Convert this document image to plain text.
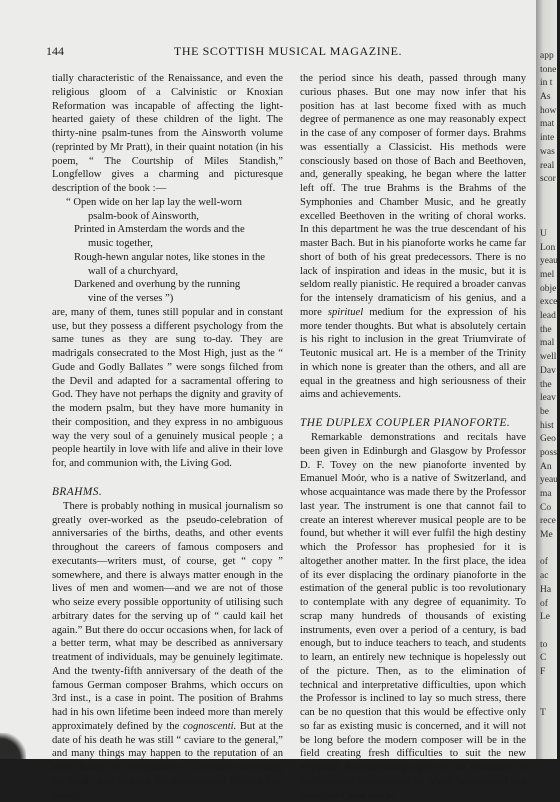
144	THE SCOTTISH MUSICAL MAGAZINE.

tially characteristic of the Renaissance, and even the religious gloom of a Calvinistic or Knoxian Reformation was incapable of affecting the light-hearted gaiety of these children of the light. The thirty-nine psalm-tunes from the Ainsworth volume (reprinted by Mr Pratt), in their quaint notation (in his poem, “ The Courtship of Miles Standish,” Longfellow gives a charming and picturesque description of the book :—

“ Open wide on her lap lay the well-worn

psalm-book of Ainsworth,

Printed in Amsterdam the words and the

music together,

Rough-hewn angular notes, like stones in the

wall of a churchyard,

Darkened and overhung by the running

vine of the verses ”)

are, many of them, tunes still popular and in constant use, but they possess a different psychology from the same tunes as they are sung to-day. They are madrigals consecrated to the Most High, just as the “ Gude and Godly Ballates ” were songs filched from the Devil and adapted for a sacramental offering to God. They have not perhaps the dignity and gravity of the modern psalm, but they have more humanity in their composition, and they express in no ambiguous way the very soul of a genuinely musical people ; a people heartily in love with life and alive in their love for, and communion with, the Living God.

BRAHMS.

There is probably nothing in musical journalism so greatly over-worked as the pseudo-celebration of anniversaries of the births, deaths, and other events throughout the careers of famous composers and executants—writers must, of course, get “ copy ” somewhere, and there is always matter enough in the lives of men and women—and we are not of those who seize every possible opportunity of utilising such arbitrary dates for the serving up of “ cauld kail het again.” But there do occur occasions when, for lack of a better term, what may be described as anniversary treatment of individuals, may be genuinely legitimate. And the twenty-fifth anniversary of the death of the famous German composer Brahms, which occurs on 3rd inst., is a case in point. The position of Brahms had in his own lifetime been indeed more than merely approximately defined by the cognoscenti. But at the date of his death he was still “ caviare to the general,” and many things may happen to the reputation of an artist during the first quarter of a century succeeding his death. And in truth the reputation of Brahms has, during

the period since his death, passed through many curious phases. But one may now infer that his position has at last become fixed with as much degree of permanence as one may reasonably expect in the case of any composer of former days. Brahms was essentially a Classicist. His methods were consciously based on those of Bach and Beethoven, and, generally speaking, he began where the latter left off. The true Brahms is the Brahms of the Symphonies and Chamber Music, and he greatly excelled Beethoven in the writing of choral works. In this department he was the true descendant of his master Bach. But in his pianoforte works he came far short of both of his great predecessors. There is no lack of inspiration and ideas in the music, but it is seldom really pianistic. He required a broader canvas for the intensely dramaticism of his genius, and a more spirituel medium for the expression of his more tender thoughts. But what is absolutely certain is his right to inclusion in the great Triumvirate of Teutonic musical art. He is a member of the Trinity in which none is greater than the others, and all are equal in the greatness and high seriousness of their aims and achievements.

THE DUPLEX COUPLER PIANOFORTE.

Remarkable demonstrations and recitals have been given in Edinburgh and Glasgow by Professor D. F. Tovey on the new pianoforte invented by Emanuel Moór, who is a native of Switzerland, and whose acquaintance was made there by the Professor last year. The instrument is one that cannot fail to create an interest wherever musical people are to be found, but whether it will ever fulfil the high destiny which the Professor has prophesied for it is altogether another matter. In the first place, the idea of its ever displacing the ordinary pianoforte in the estimation of the general public is too revolutionary to contemplate with any degree of equanimity. To scrap many hundreds of thousands of existing instruments, even over a period of a century, is bad enough, but to induce teachers to teach, and students to learn, an entirely new technique is hopelessly out of the picture. Then, as to the elimination of technical and interpretative difficulties, upon which the Professor is inclined to lay so much stress, there can be no question that this would be effective only so far as existing music is concerned, and it will not be long before the modern composer will be in the field creating fresh difficulties to suit the new keyboard. An interesting aspect of the instrument is the coupling arrangement by which harpsichord and clavichord tone can be

app
tone
in t
As
how
mat
inte
was
real
scor
U
Lon
yeau
mel
obje
exce
lead
the
mal
well
Dav
the
leav
be
hist
Geo
poss
An
yeau
ma
Co
rece
Me
of
ac
Ha
of
Le
to
C
F
T
